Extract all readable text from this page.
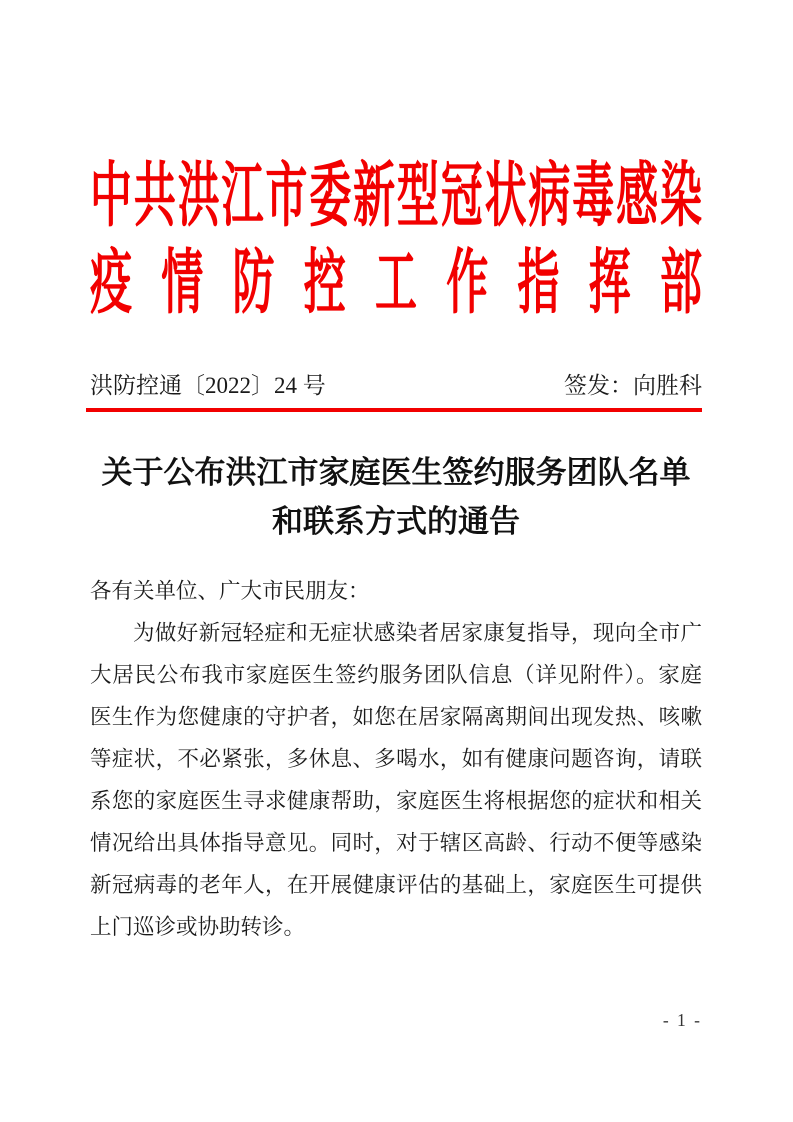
中共洪江市委新型冠状病毒感染
疫情防控工作指挥部
洪防控通〔2022〕24 号	签发：向胜科
关于公布洪江市家庭医生签约服务团队名单
和联系方式的通告
各有关单位、广大市民朋友：
为做好新冠轻症和无症状感染者居家康复指导，现向全市广
大居民公布我市家庭医生签约服务团队信息（详见附件）。家庭
医生作为您健康的守护者，如您在居家隔离期间出现发热、咳嗽
等症状，不必紧张，多休息、多喝水，如有健康问题咨询，请联
系您的家庭医生寻求健康帮助，家庭医生将根据您的症状和相关
情况给出具体指导意见。同时，对于辖区高龄、行动不便等感染
新冠病毒的老年人，在开展健康评估的基础上，家庭医生可提供
上门巡诊或协助转诊。
- 1 -
